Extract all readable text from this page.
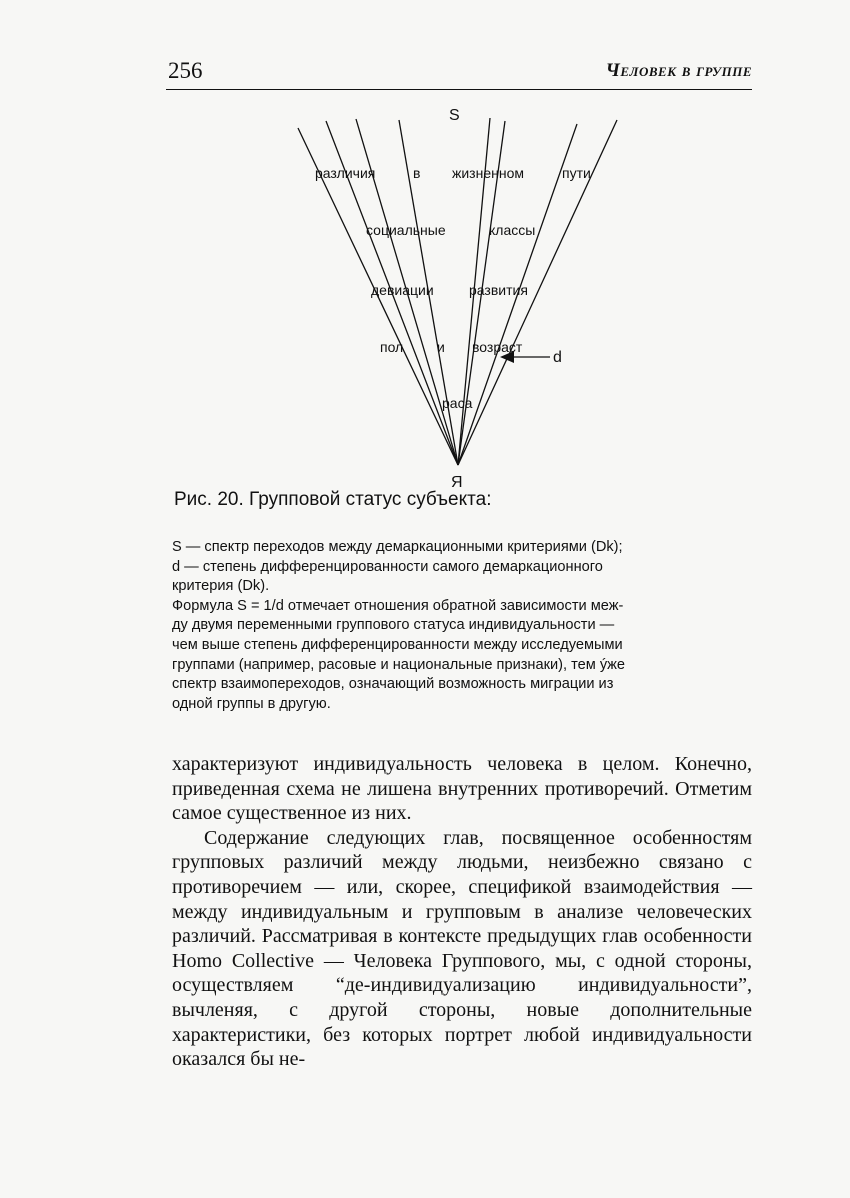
256	Человек в группе
S
Я
d
различия	в жизненном	пути
социальные	классы
девиации	развития
пол и возраст
раса
Рис. 20. Групповой статус субъекта:

S — спектр переходов между демаркационными критериями (Dk);

d — степень дифференцированности самого демаркационного

критерия (Dk).

Формула S = 1/d отмечает отношения обратной зависимости меж-

ду двумя переменными группового статуса индивидуальности —

чем выше степень дифференцированности между исследуемыми

группами (например, расовые и национальные признаки), тем ýже

спектр взаимопереходов, означающий возможность миграции из

одной группы в другую.

характеризуют индивидуальность человека в целом. Конечно, приведенная схема не лишена внутренних противоречий. Отметим самое существенное из них.

Содержание следующих глав, посвященное особенностям групповых различий между людьми, неизбежно связано с противоречием — или, скорее, спецификой взаимодействия — между индивидуальным и групповым в анализе человеческих различий. Рассматривая в контексте предыдущих глав особенности Homo Collective — Человека Группового, мы, с одной стороны, осуществляем “де-индивидуализацию индивидуальности”, вычленяя, с другой стороны, новые дополнительные характеристики, без которых портрет любой индивидуальности оказался бы не-
